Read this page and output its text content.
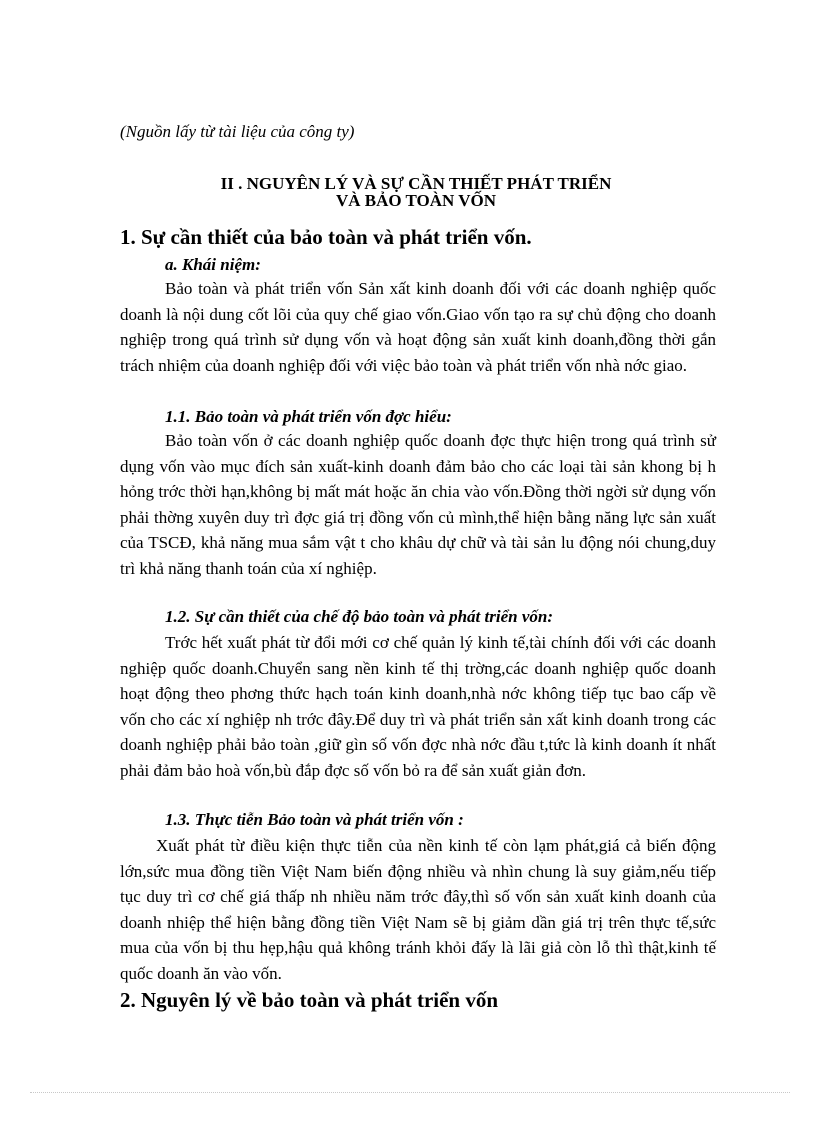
(Nguồn lấy từ tài liệu của công ty)
II . NGUYÊN LÝ VÀ SỰ CẦN THIẾT PHÁT TRIỂN
VÀ BẢO TOÀN VỐN
1. Sự cần thiết của bảo toàn và phát triển vốn.
a. Khái niệm:
Bảo toàn và phát triển vốn Sản xất kinh doanh đối với các doanh nghiệp quốc doanh là nội dung cốt lõi của quy chế giao vốn.Giao vốn tạo ra sự chủ động cho doanh nghiệp trong quá trình sử dụng vốn và hoạt động sản xuất kinh doanh,đồng thời gắn trách nhiệm của doanh nghiệp đối với việc bảo toàn và phát triển vốn nhà nớc giao.
1.1. Bảo toàn và phát triển vốn đợc hiểu:
Bảo toàn vốn ở các doanh nghiệp quốc doanh đợc thực hiện trong quá trình sử dụng vốn vào mục đích sản xuất-kinh doanh đảm bảo cho các loại tài sản khong bị h hỏng trớc thời hạn,không bị mất mát hoặc ăn chia vào vốn.Đồng thời ngời sử dụng vốn phải thờng xuyên duy trì đợc giá trị đồng vốn củ mình,thể hiện bằng năng lực sản xuất của TSCĐ, khả năng mua sắm vật t cho khâu dự chữ và tài sản lu động nói chung,duy trì khả năng thanh toán của xí nghiệp.
1.2. Sự cần thiết của chế độ bảo toàn và phát triển vốn:
Trớc hết xuất phát từ đổi mới cơ chế quản lý kinh tế,tài chính đối với các doanh nghiệp quốc doanh.Chuyển sang nền kinh tế thị trờng,các doanh nghiệp quốc doanh hoạt động theo phơng thức hạch toán kinh doanh,nhà nớc không tiếp tục bao cấp về vốn cho các xí nghiệp nh trớc đây.Để duy trì và phát triển sản xất kinh doanh trong các doanh nghiệp phải bảo toàn ,giữ gìn số vốn đợc nhà nớc đầu t,tức là kinh doanh ít nhất phải đảm bảo hoà vốn,bù đắp đợc số vốn bỏ ra để sản xuất giản đơn.
1.3. Thực tiễn Bảo toàn và phát triển vốn :
Xuất phát từ điều kiện thực tiễn của nền kinh tế còn lạm phát,giá cả biến động lớn,sức mua đồng tiền Việt Nam biến động nhiều và nhìn chung là suy giảm,nếu tiếp tục duy trì cơ chế giá thấp nh nhiều năm trớc đây,thì số vốn sản xuất kinh doanh của doanh nhiệp thể hiện bằng đồng tiền Việt Nam sẽ bị giảm dần giá trị trên thực tế,sức mua của vốn bị thu hẹp,hậu quả không tránh khỏi đấy là lãi giả còn lỗ thì thật,kinh tế quốc doanh ăn vào vốn.
2. Nguyên lý về bảo toàn và phát triển vốn
